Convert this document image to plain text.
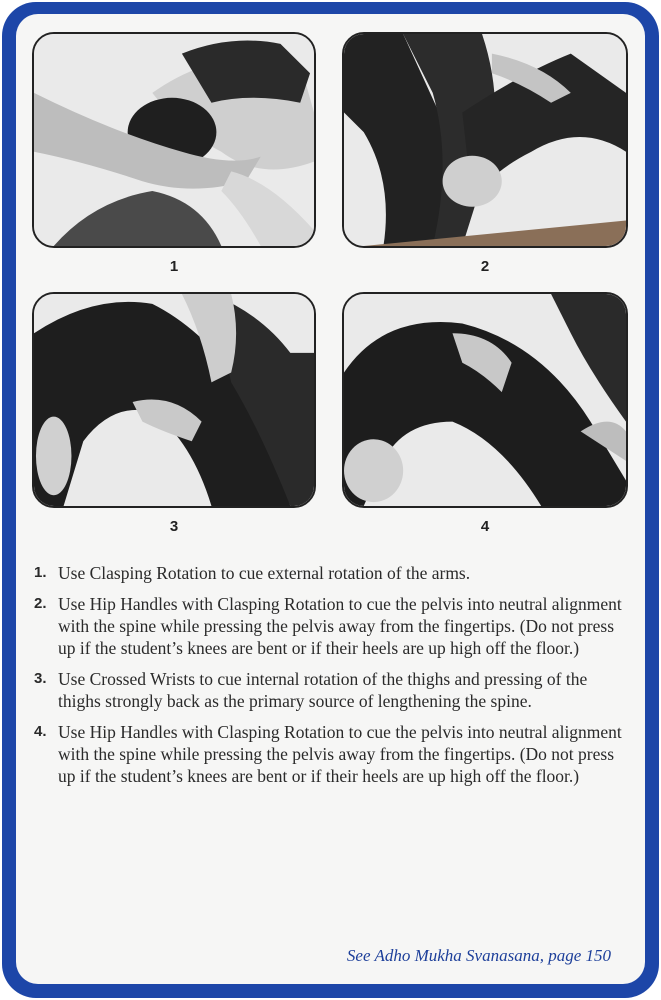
1	2
3	4
1. Use Clasping Rotation to cue external rotation of the arms.
2. Use Hip Handles with Clasping Rotation to cue the pelvis into neutral alignment with the spine while pressing the pelvis away from the fingertips. (Do not press up if the student’s knees are bent or if their heels are up high off the floor.)
3. Use Crossed Wrists to cue internal rotation of the thighs and pressing of the thighs strongly back as the primary source of lengthening the spine.
4. Use Hip Handles with Clasping Rotation to cue the pelvis into neutral alignment with the spine while pressing the pelvis away from the fingertips. (Do not press up if the student’s knees are bent or if their heels are up high off the floor.)
See Adho Mukha Svanasana, page 150
